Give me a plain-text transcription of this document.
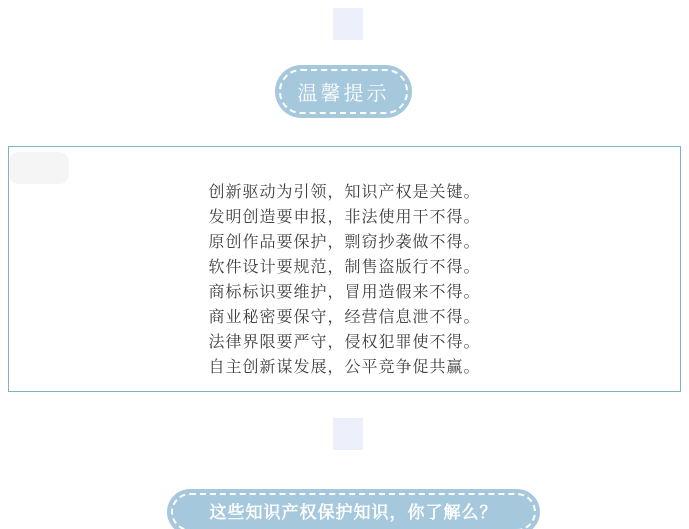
温馨提示
创新驱动为引领，知识产权是关键。
发明创造要申报，非法使用干不得。
原创作品要保护，剽窃抄袭做不得。
软件设计要规范，制售盗版行不得。
商标标识要维护，冒用造假来不得。
商业秘密要保守，经营信息泄不得。
法律界限要严守，侵权犯罪使不得。
自主创新谋发展，公平竞争促共赢。
这些知识产权保护知识，你了解么？
